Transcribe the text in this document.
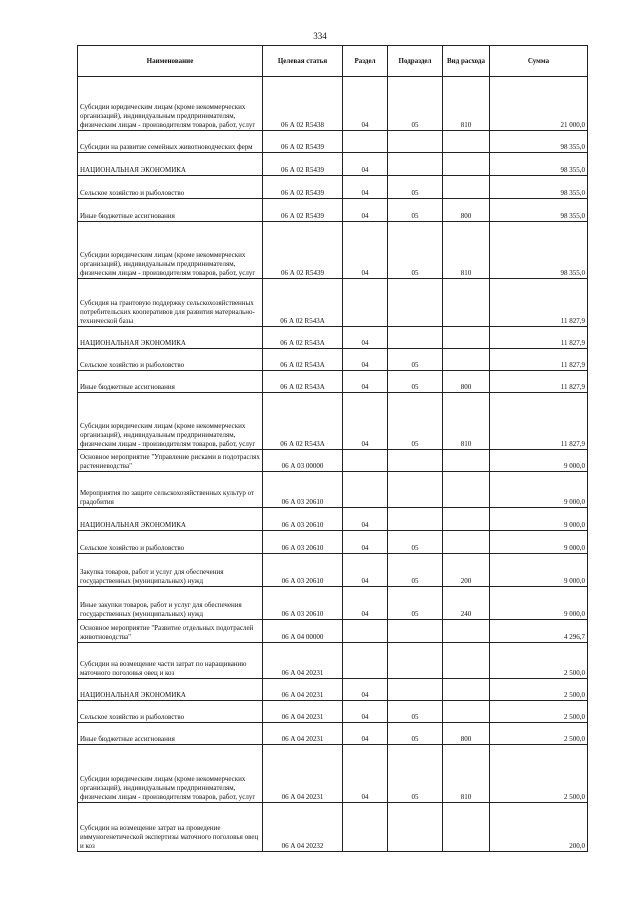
334
Наименование	Целевая статья	Раздел	Подраздел	Вид расхода	Сумма
Субсидии юридическим лицам (кроме некоммерческих организаций), индивидуальным предпринимателям, физическим лицам - производителям товаров, работ, услуг	06 А 02 R5438	04	05	810	21 000,0
Субсидии на развитие семейных животноводческих ферм	06 А 02 R5439				98 355,0
НАЦИОНАЛЬНАЯ ЭКОНОМИКА	06 А 02 R5439	04			98 355,0
Сельское хозяйство и рыболовство	06 А 02 R5439	04	05		98 355,0
Иные бюджетные ассигнования	06 А 02 R5439	04	05	800	98 355,0
Субсидии юридическим лицам (кроме некоммерческих организаций), индивидуальным предпринимателям, физическим лицам - производителям товаров, работ, услуг	06 А 02 R5439	04	05	810	98 355,0
Субсидия на грантовую поддержку сельскохозяйственных потребительских кооперативов для развития материально-технической базы	06 А 02 R543А				11 827,9
НАЦИОНАЛЬНАЯ ЭКОНОМИКА	06 А 02 R543А	04			11 827,9
Сельское хозяйство и рыболовство	06 А 02 R543А	04	05		11 827,9
Иные бюджетные ассигнования	06 А 02 R543А	04	05	800	11 827,9
Субсидии юридическим лицам (кроме некоммерческих организаций), индивидуальным предпринимателям, физическим лицам - производителям товаров, работ, услуг	06 А 02 R543А	04	05	810	11 827,9
Основное мероприятие "Управление рисками в подотраслях растениеводства"	06 А 03 00000				9 000,0
Мероприятия по защите сельскохозяйственных культур от градобития	06 А 03 20610				9 000,0
НАЦИОНАЛЬНАЯ ЭКОНОМИКА	06 А 03 20610	04			9 000,0
Сельское хозяйство и рыболовство	06 А 03 20610	04	05		9 000,0
Закупка товаров, работ и услуг для обеспечения государственных (муниципальных) нужд	06 А 03 20610	04	05	200	9 000,0
Иные закупки товаров, работ и услуг для обеспечения государственных (муниципальных) нужд	06 А 03 20610	04	05	240	9 000,0
Основное мероприятие "Развитие отдельных подотраслей животноводства"	06 А 04 00000				4 296,7
Субсидии на возмещение части затрат по наращиванию маточного поголовья овец и коз	06 А 04 20231				2 500,0
НАЦИОНАЛЬНАЯ ЭКОНОМИКА	06 А 04 20231	04			2 500,0
Сельское хозяйство и рыболовство	06 А 04 20231	04	05		2 500,0
Иные бюджетные ассигнования	06 А 04 20231	04	05	800	2 500,0
Субсидии юридическим лицам (кроме некоммерческих организаций), индивидуальным предпринимателям, физическим лицам - производителям товаров, работ, услуг	06 А 04 20231	04	05	810	2 500,0
Субсидии на возмещение затрат на проведение иммуногенетической экспертизы маточного поголовья овец и коз	06 А 04 20232				200,0
